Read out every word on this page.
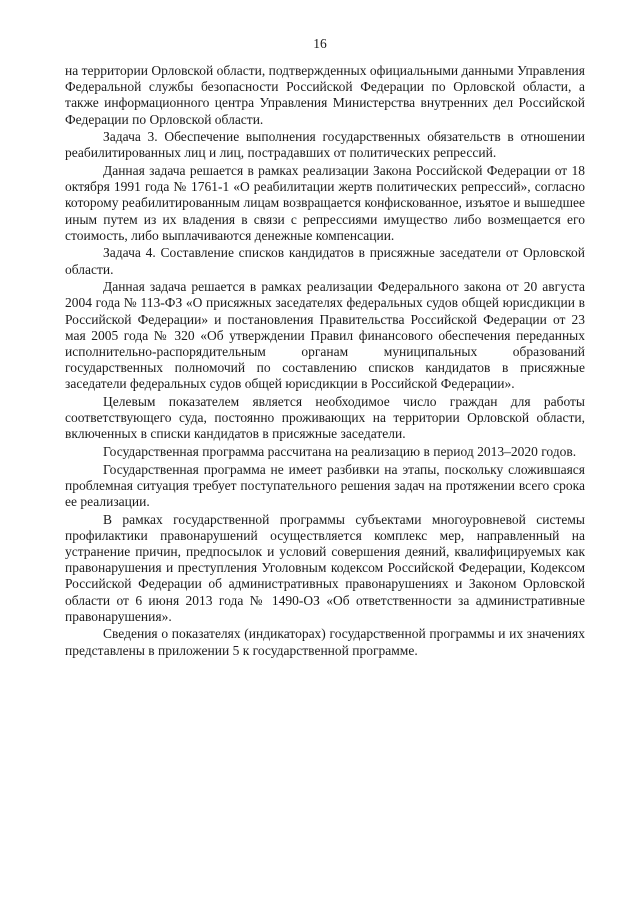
16

на территории Орловской области, подтвержденных официальными данными Управления Федеральной службы безопасности Российской Федерации по Орловской области, а также информационного центра Управления Министерства внутренних дел Российской Федерации по Орловской области.

Задача 3. Обеспечение выполнения государственных обязательств в отношении реабилитированных лиц и лиц, пострадавших от политических репрессий.

Данная задача решается в рамках реализации Закона Российской Федерации от 18 октября 1991 года № 1761-1 «О реабилитации жертв политических репрессий», согласно которому реабилитированным лицам возвращается конфискованное, изъятое и вышедшее иным путем из их владения в связи с репрессиями имущество либо возмещается его стоимость, либо выплачиваются денежные компенсации.

Задача 4. Составление списков кандидатов в присяжные заседатели от Орловской области.

Данная задача решается в рамках реализации Федерального закона от 20 августа 2004 года № 113-ФЗ «О присяжных заседателях федеральных судов общей юрисдикции в Российской Федерации» и постановления Правительства Российской Федерации от 23 мая 2005 года № 320 «Об утверждении Правил финансового обеспечения переданных исполнительно-распорядительным органам муниципальных образований государственных полномочий по составлению списков кандидатов в присяжные заседатели федеральных судов общей юрисдикции в Российской Федерации».

Целевым показателем является необходимое число граждан для работы соответствующего суда, постоянно проживающих на территории Орловской области, включенных в списки кандидатов в присяжные заседатели.

Государственная программа рассчитана на реализацию в период 2013–2020 годов.

Государственная программа не имеет разбивки на этапы, поскольку сложившаяся проблемная ситуация требует поступательного решения задач на протяжении всего срока ее реализации.

В рамках государственной программы субъектами многоуровневой системы профилактики правонарушений осуществляется комплекс мер, направленный на устранение причин, предпосылок и условий совершения деяний, квалифицируемых как правонарушения и преступления Уголовным кодексом Российской Федерации, Кодексом Российской Федерации об административных правонарушениях и Законом Орловской области от 6 июня 2013 года № 1490-ОЗ «Об ответственности за административные правонарушения».

Сведения о показателях (индикаторах) государственной программы и их значениях представлены в приложении 5 к государственной программе.
